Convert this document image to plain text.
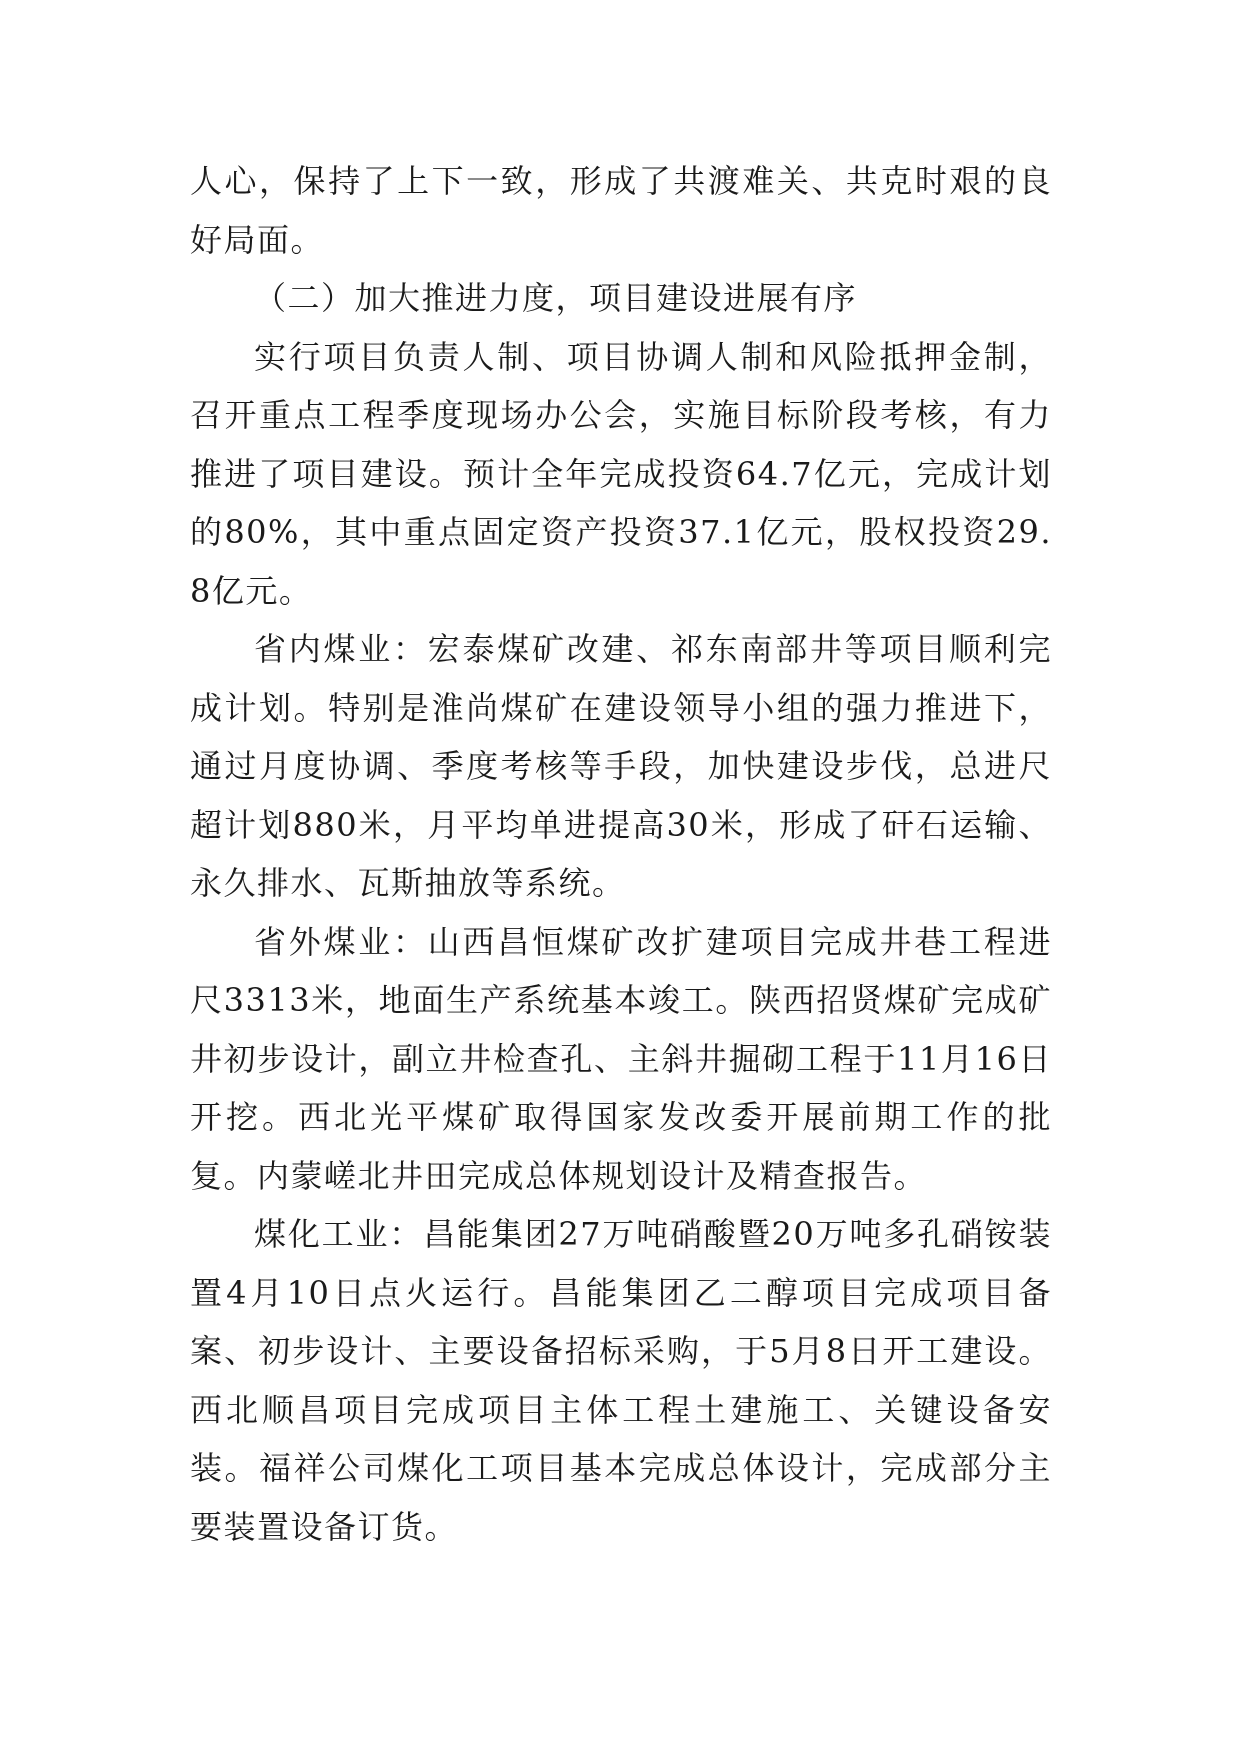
人心，保持了上下一致，形成了共渡难关、共克时艰的良好局面。

（二）加大推进力度，项目建设进展有序

实行项目负责人制、项目协调人制和风险抵押金制，召开重点工程季度现场办公会，实施目标阶段考核，有力推进了项目建设。预计全年完成投资64.7亿元，完成计划的80%，其中重点固定资产投资37.1亿元，股权投资29.8亿元。

省内煤业：宏泰煤矿改建、祁东南部井等项目顺利完成计划。特别是淮尚煤矿在建设领导小组的强力推进下，通过月度协调、季度考核等手段，加快建设步伐，总进尺超计划880米，月平均单进提高30米，形成了矸石运输、永久排水、瓦斯抽放等系统。

省外煤业：山西昌恒煤矿改扩建项目完成井巷工程进尺3313米，地面生产系统基本竣工。陕西招贤煤矿完成矿井初步设计，副立井检查孔、主斜井掘砌工程于11月16日开挖。西北光平煤矿取得国家发改委开展前期工作的批复。内蒙嵯北井田完成总体规划设计及精查报告。

煤化工业：昌能集团27万吨硝酸暨20万吨多孔硝铵装置4月10日点火运行。昌能集团乙二醇项目完成项目备案、初步设计、主要设备招标采购，于5月8日开工建设。西北顺昌项目完成项目主体工程土建施工、关键设备安装。福祥公司煤化工项目基本完成总体设计，完成部分主要装置设备订货。
